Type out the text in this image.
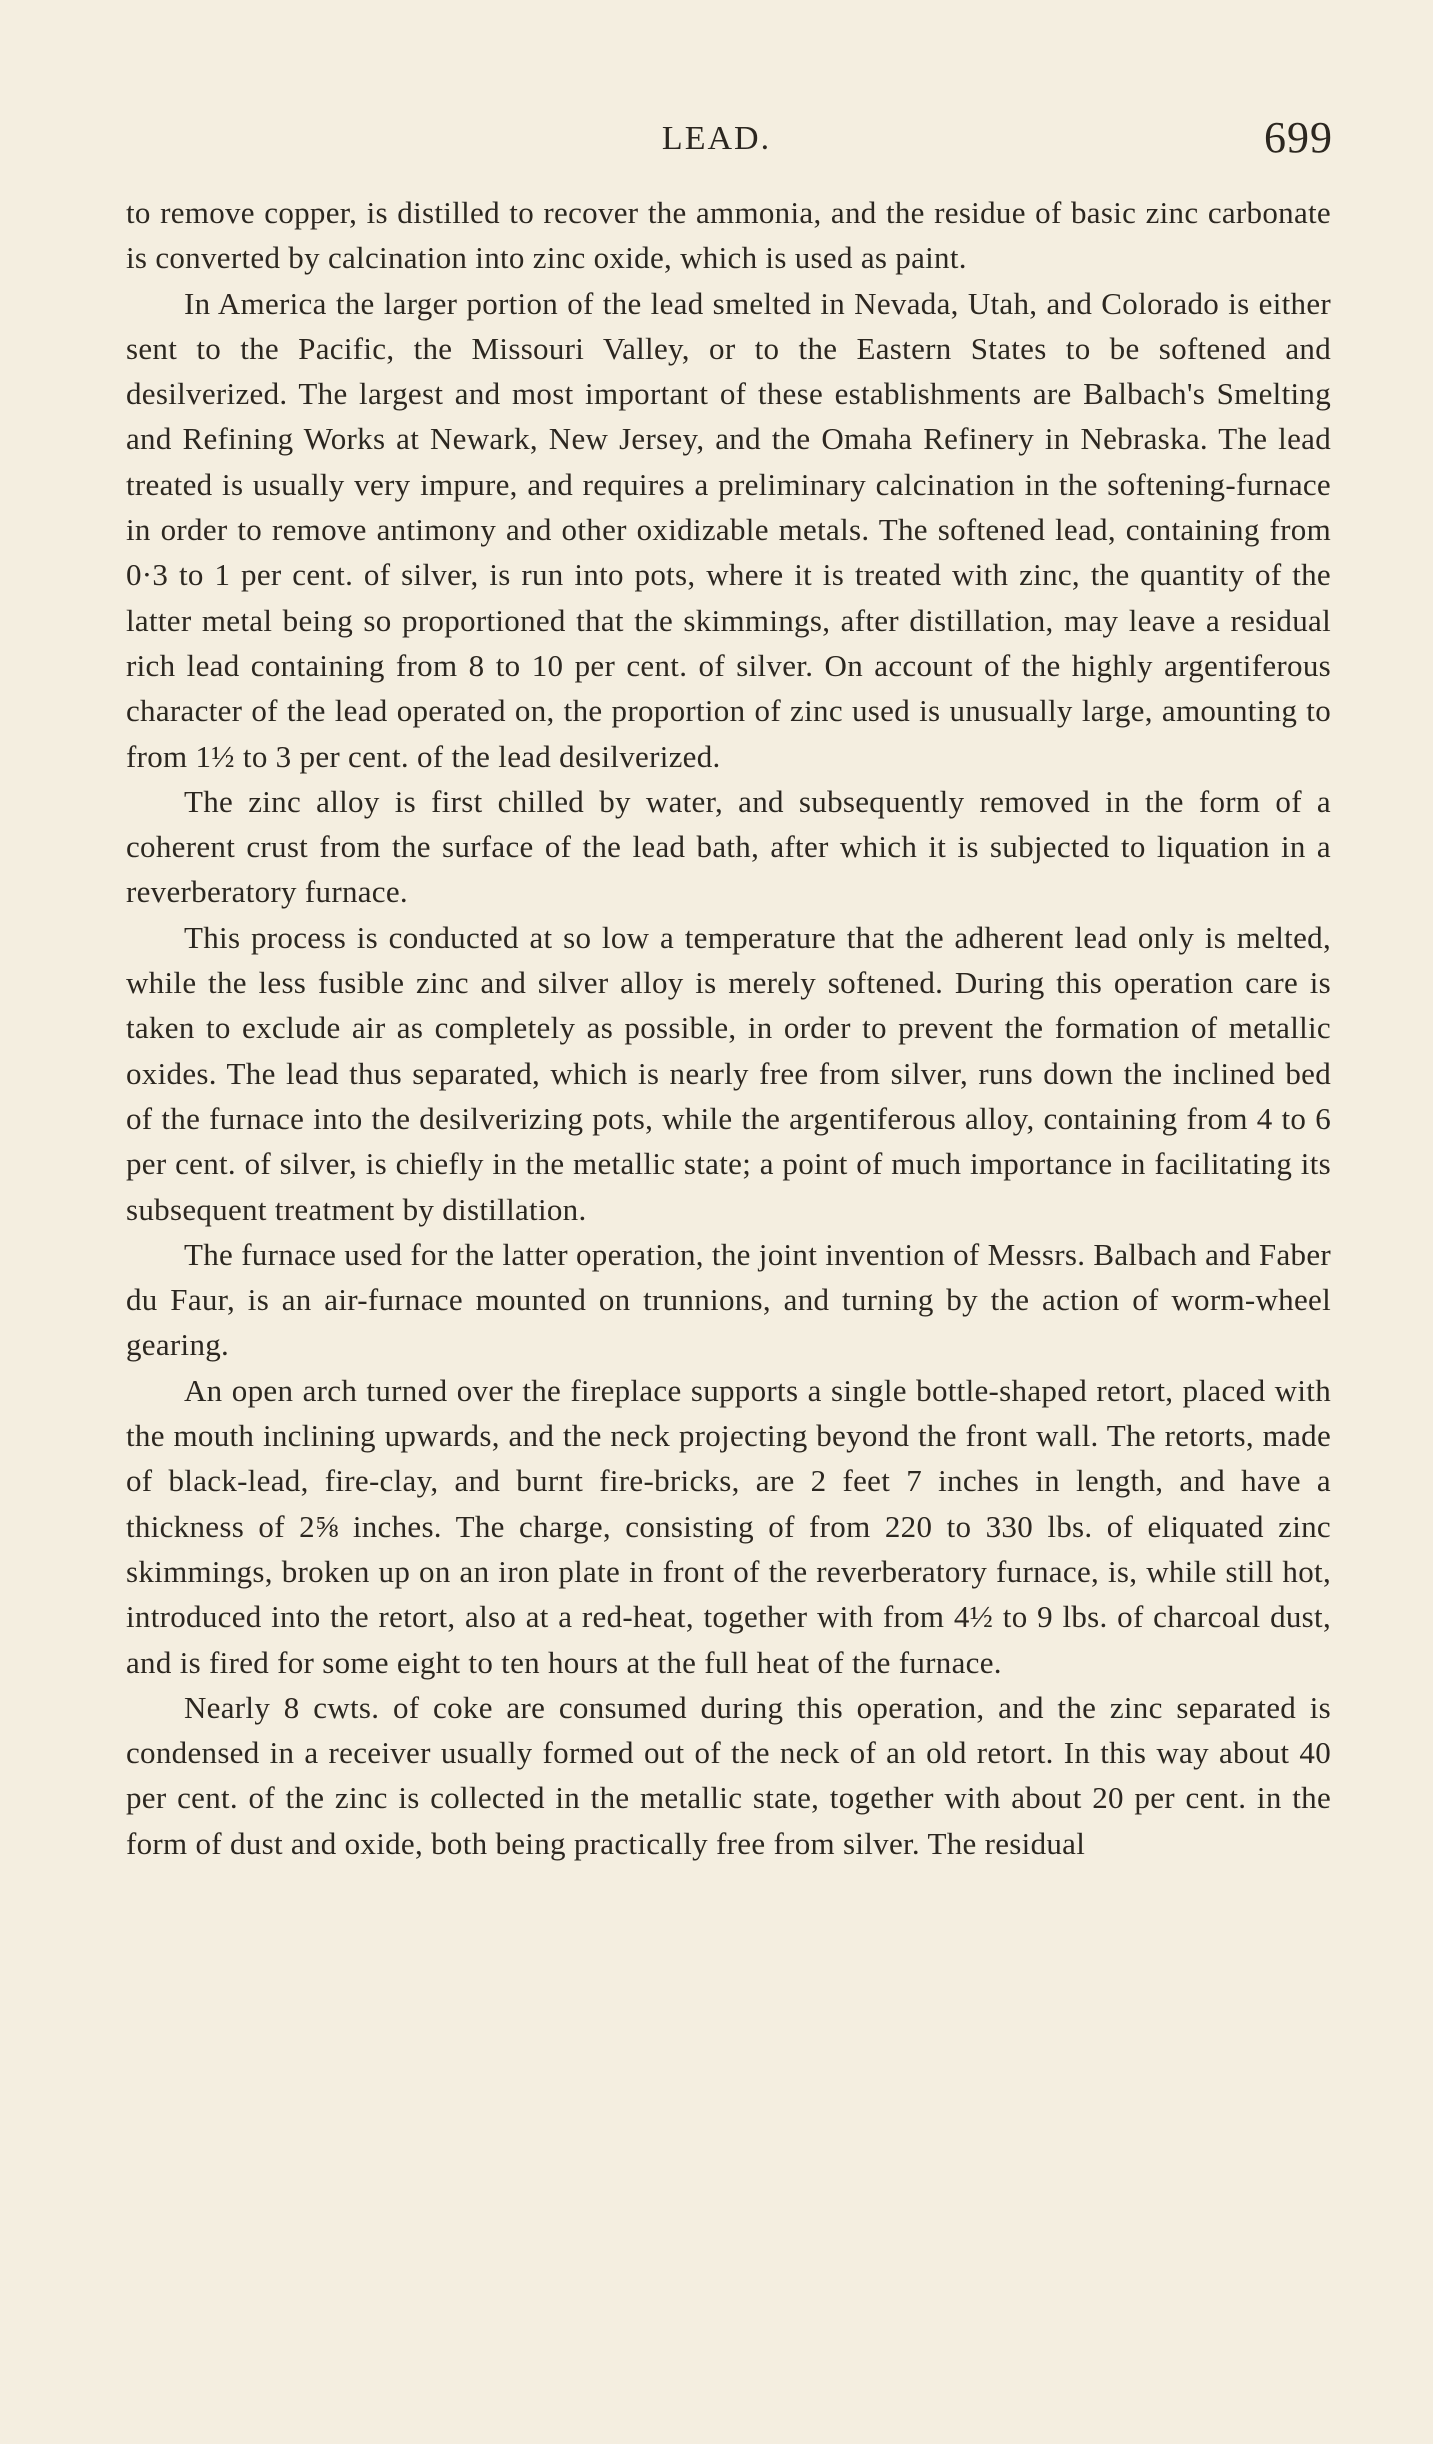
LEAD.	699

to remove copper, is distilled to recover the ammonia, and the residue of basic zinc carbonate is converted by calcination into zinc oxide, which is used as paint.

In America the larger portion of the lead smelted in Nevada, Utah, and Colorado is either sent to the Pacific, the Missouri Valley, or to the Eastern States to be softened and desilverized. The largest and most important of these establishments are Balbach's Smelting and Refining Works at Newark, New Jersey, and the Omaha Refinery in Nebraska. The lead treated is usually very impure, and requires a preliminary calcination in the softening-furnace in order to remove antimony and other oxidizable metals. The softened lead, containing from 0·3 to 1 per cent. of silver, is run into pots, where it is treated with zinc, the quantity of the latter metal being so proportioned that the skimmings, after distillation, may leave a residual rich lead containing from 8 to 10 per cent. of silver. On account of the highly argentiferous character of the lead operated on, the proportion of zinc used is unusually large, amounting to from 1½ to 3 per cent. of the lead desilverized.

The zinc alloy is first chilled by water, and subsequently removed in the form of a coherent crust from the surface of the lead bath, after which it is subjected to liquation in a reverberatory furnace.

This process is conducted at so low a temperature that the adherent lead only is melted, while the less fusible zinc and silver alloy is merely softened. During this operation care is taken to exclude air as completely as possible, in order to prevent the formation of metallic oxides. The lead thus separated, which is nearly free from silver, runs down the inclined bed of the furnace into the desilverizing pots, while the argentiferous alloy, containing from 4 to 6 per cent. of silver, is chiefly in the metallic state; a point of much importance in facilitating its subsequent treatment by distillation.

The furnace used for the latter operation, the joint invention of Messrs. Balbach and Faber du Faur, is an air-furnace mounted on trunnions, and turning by the action of worm-wheel gearing.

An open arch turned over the fireplace supports a single bottle-shaped retort, placed with the mouth inclining upwards, and the neck projecting beyond the front wall. The retorts, made of black-lead, fire-clay, and burnt fire-bricks, are 2 feet 7 inches in length, and have a thickness of 2⅝ inches. The charge, consisting of from 220 to 330 lbs. of eliquated zinc skimmings, broken up on an iron plate in front of the reverberatory furnace, is, while still hot, introduced into the retort, also at a red-heat, together with from 4½ to 9 lbs. of charcoal dust, and is fired for some eight to ten hours at the full heat of the furnace.

Nearly 8 cwts. of coke are consumed during this operation, and the zinc separated is condensed in a receiver usually formed out of the neck of an old retort. In this way about 40 per cent. of the zinc is collected in the metallic state, together with about 20 per cent. in the form of dust and oxide, both being practically free from silver. The residual
